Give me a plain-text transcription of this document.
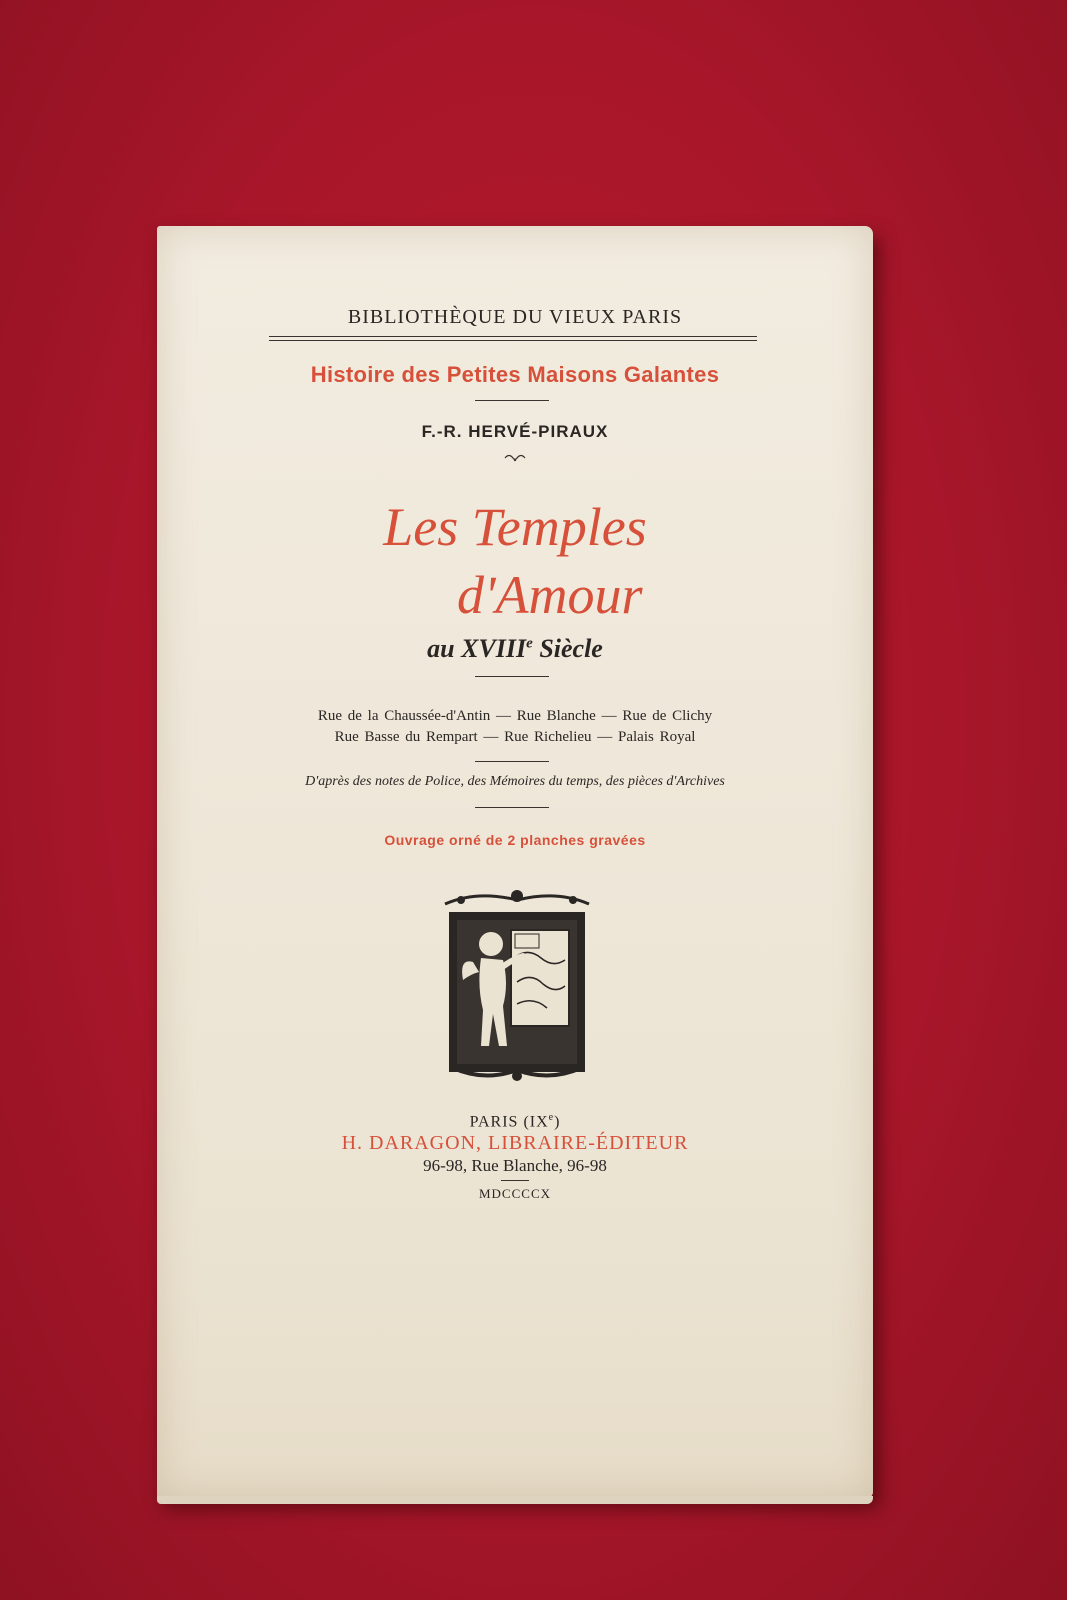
BIBLIOTHÈQUE DU VIEUX PARIS
Histoire des Petites Maisons Galantes
F.-R. HERVÉ-PIRAUX
Les Temples
d'Amour
au XVIIIe Siècle
Rue de la Chaussée-d'Antin — Rue Blanche — Rue de Clichy
Rue Basse du Rempart — Rue Richelieu — Palais Royal
D'après des notes de Police, des Mémoires du temps, des pièces d'Archives
Ouvrage orné de 2 planches gravées
PARIS (IXe)
H. DARAGON, LIBRAIRE-ÉDITEUR
96-98, Rue Blanche, 96-98
MDCCCCX
